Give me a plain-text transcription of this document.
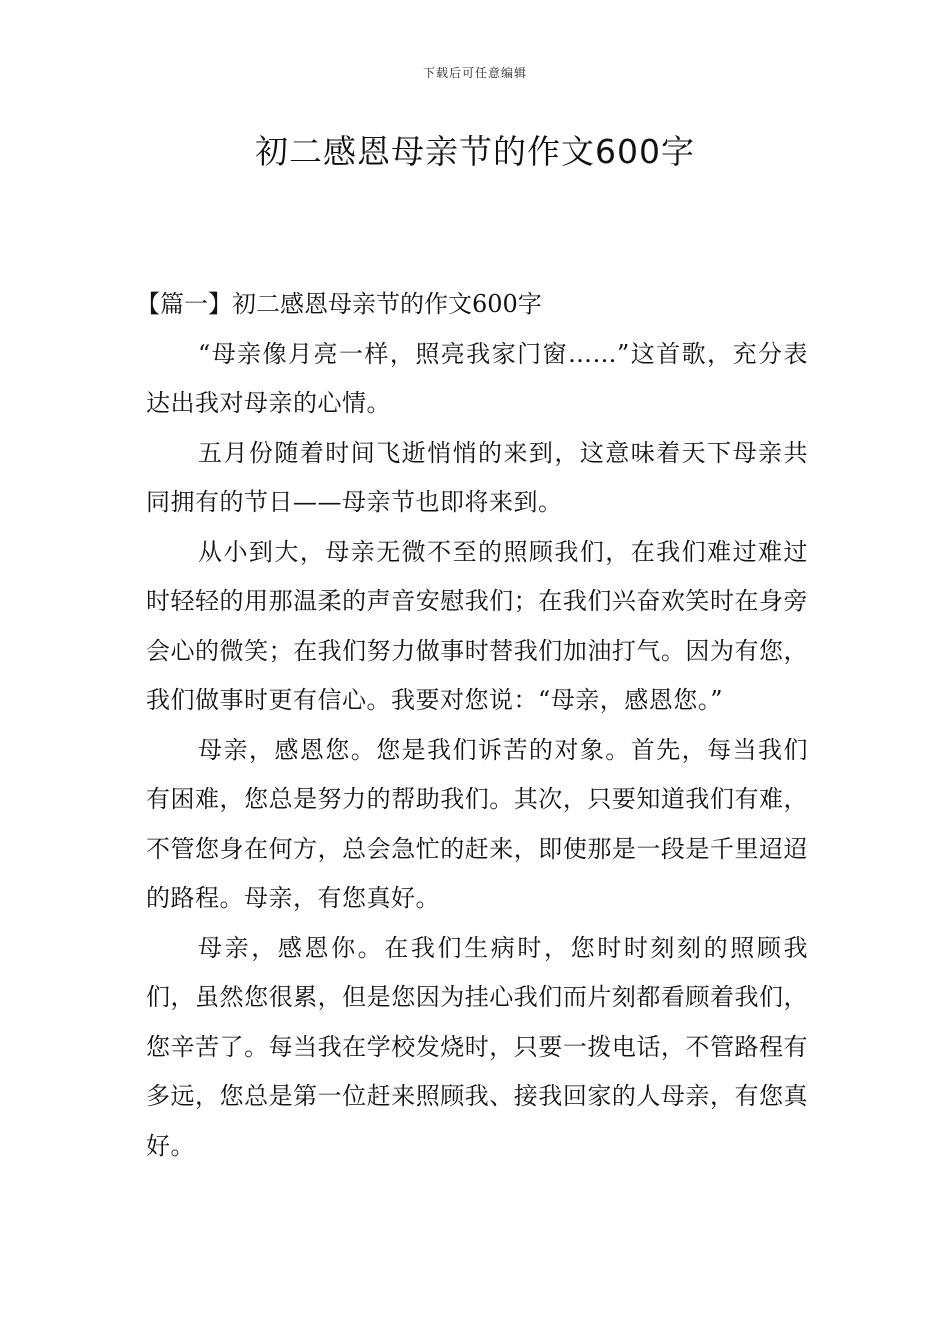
下载后可任意编辑
初二感恩母亲节的作文600字

【篇一】初二感恩母亲节的作文600字

“母亲像月亮一样，照亮我家门窗……”这首歌，充分表达出我对母亲的心情。

五月份随着时间飞逝悄悄的来到，这意味着天下母亲共同拥有的节日——母亲节也即将来到。

从小到大，母亲无微不至的照顾我们，在我们难过难过时轻轻的用那温柔的声音安慰我们；在我们兴奋欢笑时在身旁会心的微笑；在我们努力做事时替我们加油打气。因为有您，我们做事时更有信心。我要对您说：“母亲，感恩您。”

母亲，感恩您。您是我们诉苦的对象。首先，每当我们有困难，您总是努力的帮助我们。其次，只要知道我们有难，不管您身在何方，总会急忙的赶来，即使那是一段是千里迢迢的路程。母亲，有您真好。

母亲，感恩你。在我们生病时，您时时刻刻的照顾我们，虽然您很累，但是您因为挂心我们而片刻都看顾着我们，您辛苦了。每当我在学校发烧时，只要一拨电话，不管路程有多远，您总是第一位赶来照顾我、接我回家的人母亲，有您真好。
